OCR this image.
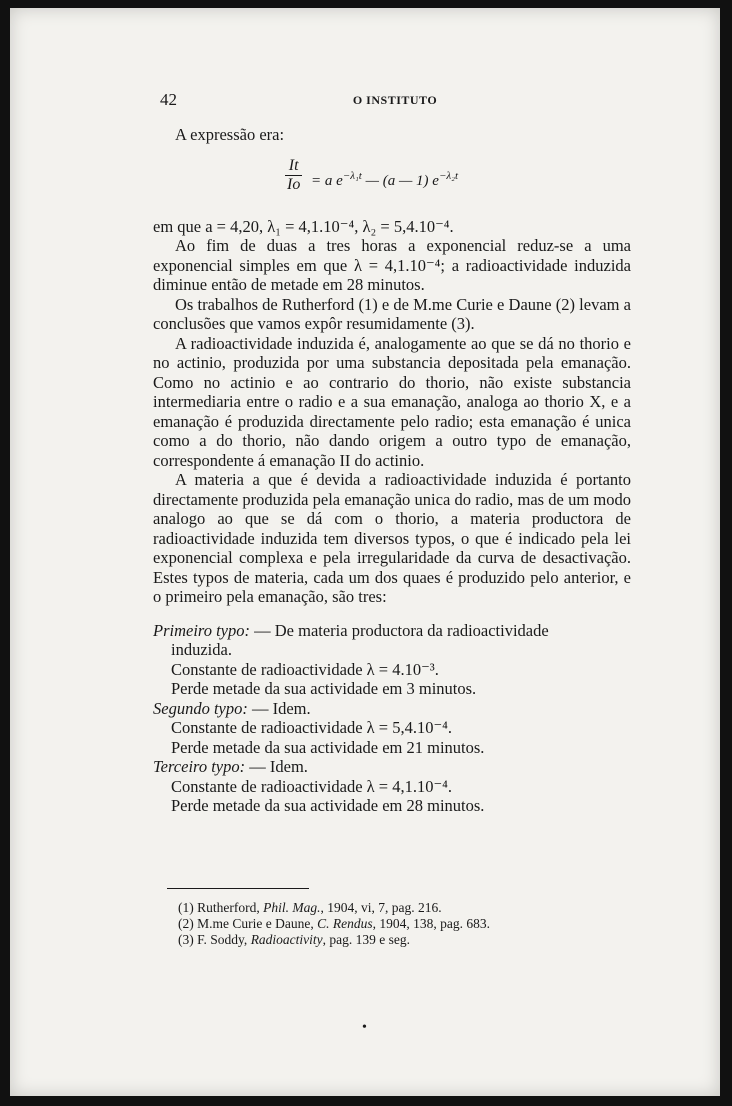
42	O INSTITUTO

A expressão era:

$\frac{It}{Io} = a$ $e^{-\lambda_1t}$ — (a — 1) $e^{-\lambda_2t}$

em que a = 4,20, λ₁ = 4,1.10⁻⁴, λ₂ = 5,4.10⁻⁴.

Ao fim de duas a tres horas a exponencial reduz-se a uma exponencial simples em que λ = 4,1.10⁻⁴; a radioactividade induzida diminue então de metade em 28 minutos.

Os trabalhos de Rutherford (1) e de M.me Curie e Daune (2) levam a conclusões que vamos expôr resumidamente (3).

A radioactividade induzida é, analogamente ao que se dá no thorio e no actinio, produzida por uma substancia depositada pela emanação. Como no actinio e ao contrario do thorio, não existe substancia intermediaria entre o radio e a sua emanação, analoga ao thorio X, e a emanação é produzida directamente pelo radio; esta emanação é unica como a do thorio, não dando origem a outro typo de emanação, correspondente á emanação II do actinio.

A materia a que é devida a radioactividade induzida é portanto directamente produzida pela emanação unica do radio, mas de um modo analogo ao que se dá com o thorio, a materia productora de radioactividade induzida tem diversos typos, o que é indicado pela lei exponencial complexa e pela irregularidade da curva de desactivação. Estes typos de materia, cada um dos quaes é produzido pelo anterior, e o primeiro pela emanação, são tres:

Primeiro typo: — De materia productora da radioactividade

induzida.

Constante de radioactividade λ = 4.10⁻³.

Perde metade da sua actividade em 3 minutos.

Segundo typo: — Idem.

Constante de radioactividade λ = 5,4.10⁻⁴.

Perde metade da sua actividade em 21 minutos.

Terceiro typo: — Idem.

Constante de radioactividade λ = 4,1.10⁻⁴.

Perde metade da sua actividade em 28 minutos.

(1) Rutherford, Phil. Mag., 1904, vi, 7, pag. 216.

(2) M.me Curie e Daune, C. Rendus, 1904, 138, pag. 683.

(3) F. Soddy, Radioactivity, pag. 139 e seg.

•
